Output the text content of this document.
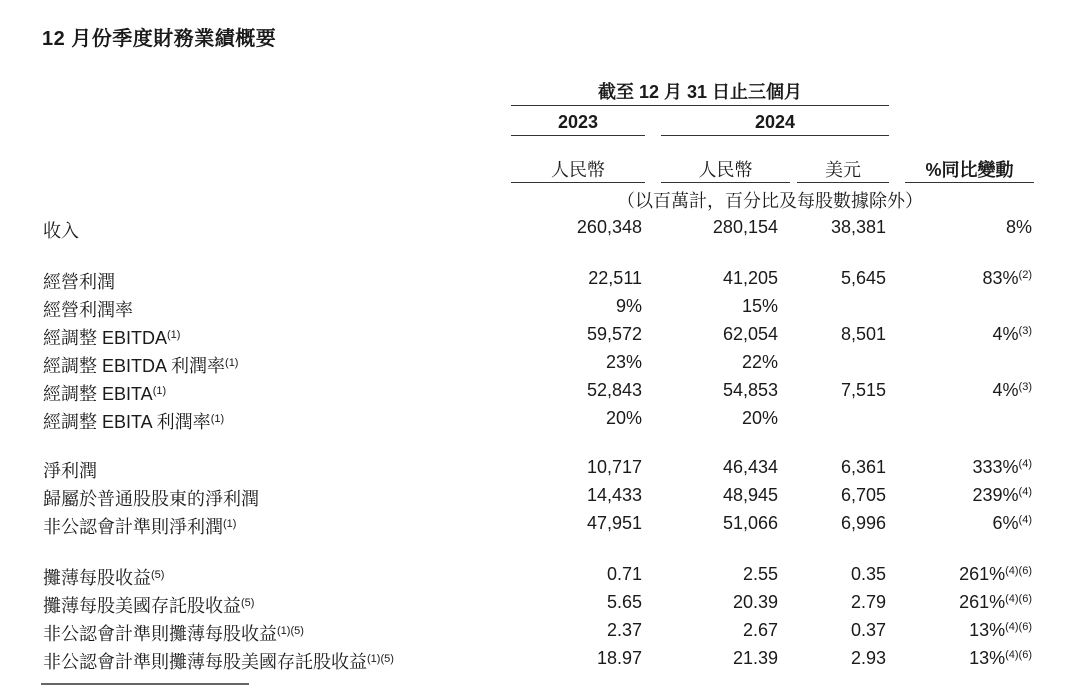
12 月份季度財務業績概要
截至 12 月 31 日止三個月
2023	2024
人民幣	人民幣	美元	%同比變動
（以百萬計，百分比及每股數據除外）
收入	260,348	280,154	38,381	8%
經營利潤	22,511	41,205	5,645	83%$^{(2)}$
經營利潤率	9%	15%
經調整 EBITDA$^{(1)}$	59,572	62,054	8,501	4%$^{(3)}$
經調整 EBITDA 利潤率$^{(1)}$	23%	22%
經調整 EBITA$^{(1)}$	52,843	54,853	7,515	4%$^{(3)}$
經調整 EBITA 利潤率$^{(1)}$	20%	20%
淨利潤	10,717	46,434	6,361	333%$^{(4)}$
歸屬於普通股股東的淨利潤	14,433	48,945	6,705	239%$^{(4)}$
非公認會計準則淨利潤$^{(1)}$	47,951	51,066	6,996	6%$^{(4)}$
攤薄每股收益$^{(5)}$	0.71	2.55	0.35	261%$^{(4)(6)}$
攤薄每股美國存託股收益$^{(5)}$	5.65	20.39	2.79	261%$^{(4)(6)}$
非公認會計準則攤薄每股收益$^{(1)(5)}$	2.37	2.67	0.37	13%$^{(4)(6)}$
非公認會計準則攤薄每股美國存託股收益$^{(1)(5)}$	18.97	21.39	2.93	13%$^{(4)(6)}$
